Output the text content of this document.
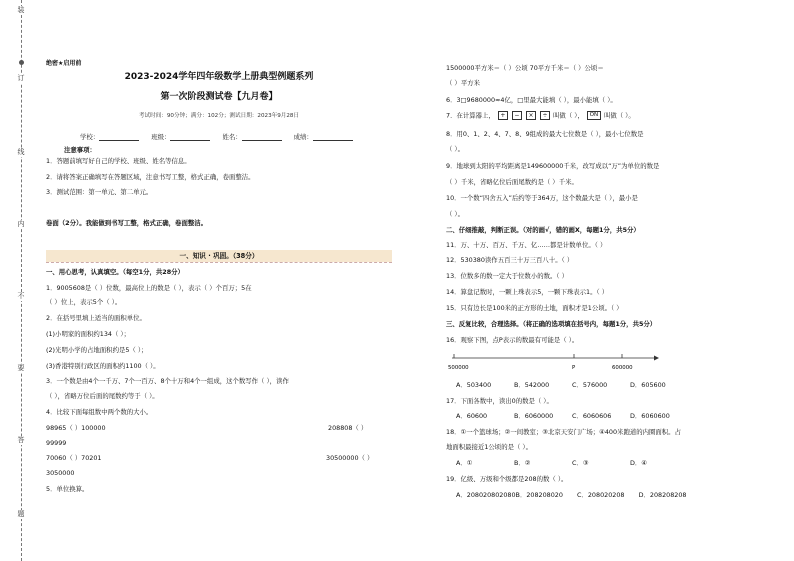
装
订
线
内
不
要
答
题
绝密★启用前
2023-2024学年四年级数学上册典型例题系列
第一次阶段测试卷【九月卷】
考试时间：90分钟；满分：102分；测试日期：2023年9月28日
学校：	班级：	姓名：	成绩：
注意事项：
1．答题前填写好自己的学校、班级、姓名等信息。
2．请将答案正确填写在答题区域，注意书写工整，格式正确，卷面整洁。
3．测试范围：第一单元、第二单元。
卷面（2分）。我能做到书写工整，格式正确，卷面整洁。
一、知识 · 巩固。（38分）
一、用心思考，认真填空。（每空1分，共28分）
1．9005608是（ ）位数，最高位上的数是（ ），表示（ ）个百万；5在
（ ）位上，表示5个（ ）。
2．在括号里填上适当的面积单位。
(1)小明家的面积约134（ ）；
(2)光明小学的占地面积约是5（ ）；
(3)香港特别行政区的面积约1100（ ）。
3．一个数是由4个一千万、7个一百万、8个十万和4个一组成，这个数写作（ ），读作
（ ），省略万位后面的尾数约等于（ ）。
4．比较下面每组数中两个数的大小。
98965（ ）100000	208808（ ）
99999
70060（ ）70201	30500000（ ）
3050000
5．单位换算。
1500000平方米＝（ ）公顷 70平方千米＝（ ）公顷＝
（ ）平方米
6．3□9680000≈4亿，□里最大能填（ ），最小能填（ ）。
7．在计算器上， + − × ÷ 叫做（ ）， ON 叫做（ ）。
8．用0、1、2、4、7、8、9组成的最大七位数是（ ），最小七位数是
（ ）。
9．地球到太阳的平均距离是149600000千米，改写成以“万”为单位的数是
（ ）千米，省略亿位后面尾数约是（ ）千米。
10．一个数“四舍五入”后约等于364万，这个数最大是（ ），最小是
（ ）。
二、仔细推敲，判断正误。（对的画√，错的画X，每题1分，共5分）
11．万、十万、百万、千万、亿……都是计数单位。（ ）
12．530380读作五百三十万三百八十。（ ）
13．位数多的数一定大于位数小的数。（ ）
14．算盘记数时，一颗上珠表示5，一颗下珠表示1。（ ）
15．只有边长是100米的正方形的土地，面积才是1公顷。（ ）
三、反复比较，合理选择。（将正确的选项填在括号内，每题1分，共5分）
16．观察下图，点P表示的数最有可能是（ ）。
500000	P	600000
A．503400	B．542000	C．576000	D．605600
17．下面各数中，读出0的数是（ ）。
A．60600	B．6060000	C．6060606	D．6060600
18．①一个篮球场；②一间教室；③北京天安门广场；④400米跑道的内圈面积。占
地面积最接近1公顷的是（ ）。
A．①	B．②	C．③	D．④
19．亿级、万级和个级都是208的数（ ）。
A．208020802080B．208208020 C．208020208 D．208208208
